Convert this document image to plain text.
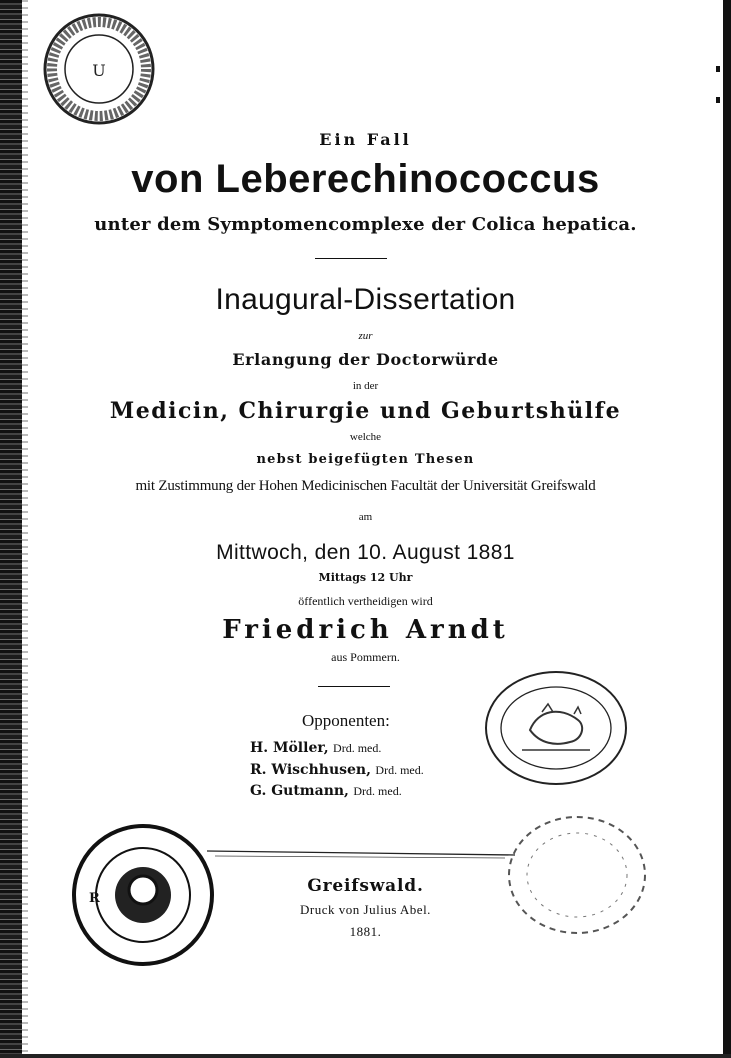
U
Ein Fall
von Leberechinococcus
unter dem Symptomencomplexe der Colica hepatica.
Inaugural-Dissertation
zur
Erlangung der Doctorwürde
in der
Medicin, Chirurgie und Geburtshülfe
welche
nebst beigefügten Thesen
mit Zustimmung der Hohen Medicinischen Facultät der Universität Greifswald
am
Mittwoch, den 10. August 1881
Mittags 12 Uhr
öffentlich vertheidigen wird
Friedrich Arndt
aus Pommern.
Opponenten:
H. Möller, Drd. med.
R. Wischhusen, Drd. med.
G. Gutmann, Drd. med.
R
Greifswald.
Druck von Julius Abel.
1881.
